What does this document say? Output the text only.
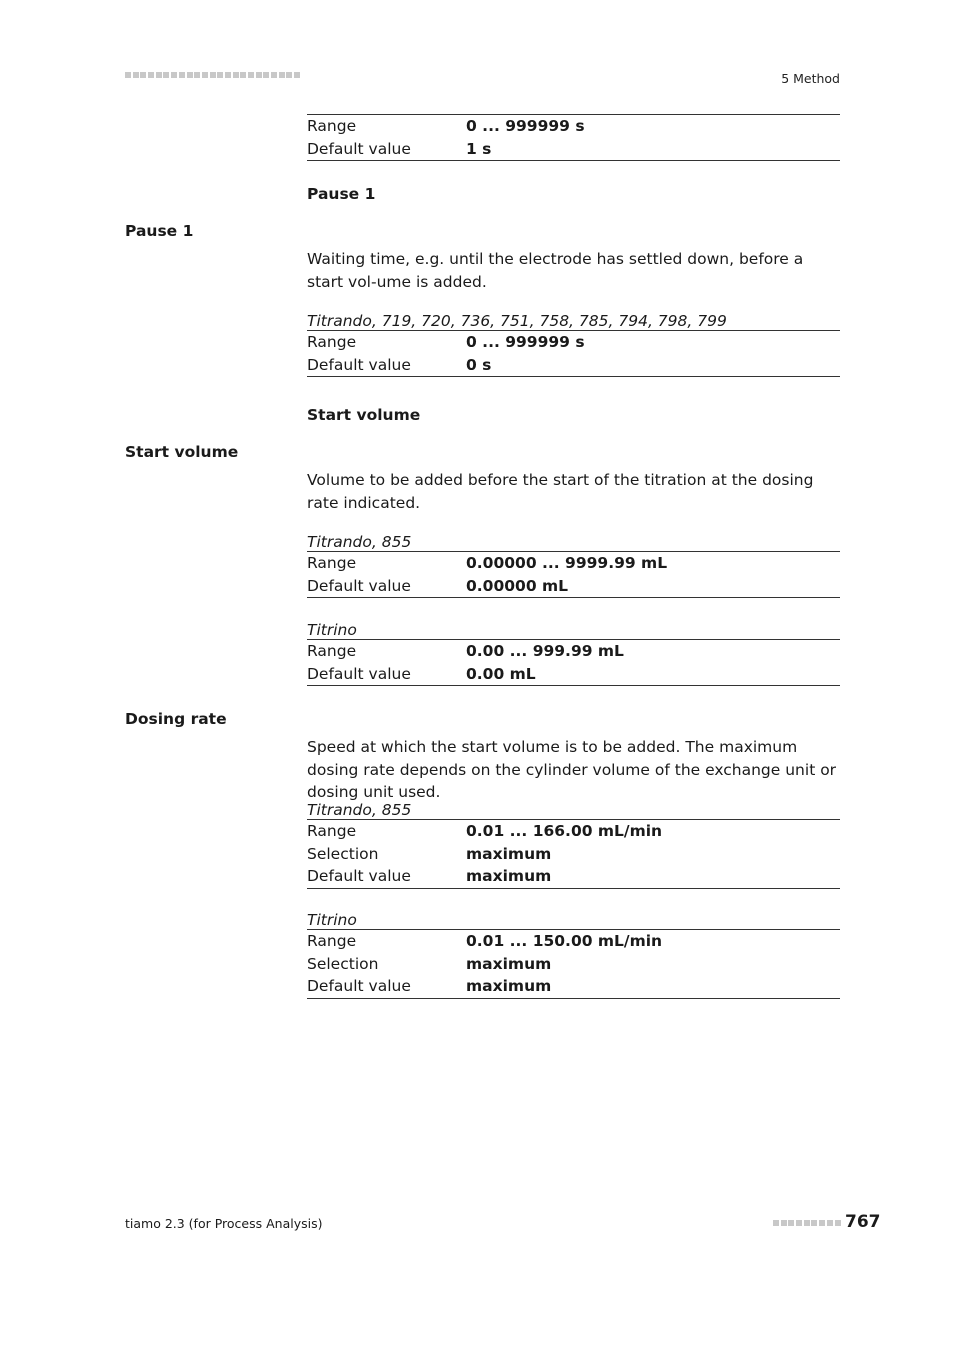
5 Method
Range	0 ... 999999 s
Default value	1 s
Pause 1
Pause 1
Waiting time, e.g. until the electrode has settled down, before a start vol-ume is added.
Titrando, 719, 720, 736, 751, 758, 785, 794, 798, 799
Range	0 ... 999999 s
Default value	0 s
Start volume
Start volume
Volume to be added before the start of the titration at the dosing rate indicated.
Titrando, 855
Range	0.00000 ... 9999.99 mL
Default value	0.00000 mL
Titrino
Range	0.00 ... 999.99 mL
Default value	0.00 mL
Dosing rate
Speed at which the start volume is to be added. The maximum dosing rate depends on the cylinder volume of the exchange unit or dosing unit used.
Titrando, 855
Range	0.01 ... 166.00 mL/min
Selection	maximum
Default value	maximum
Titrino
Range	0.01 ... 150.00 mL/min
Selection	maximum
Default value	maximum
tiamo 2.3 (for Process Analysis)	767
